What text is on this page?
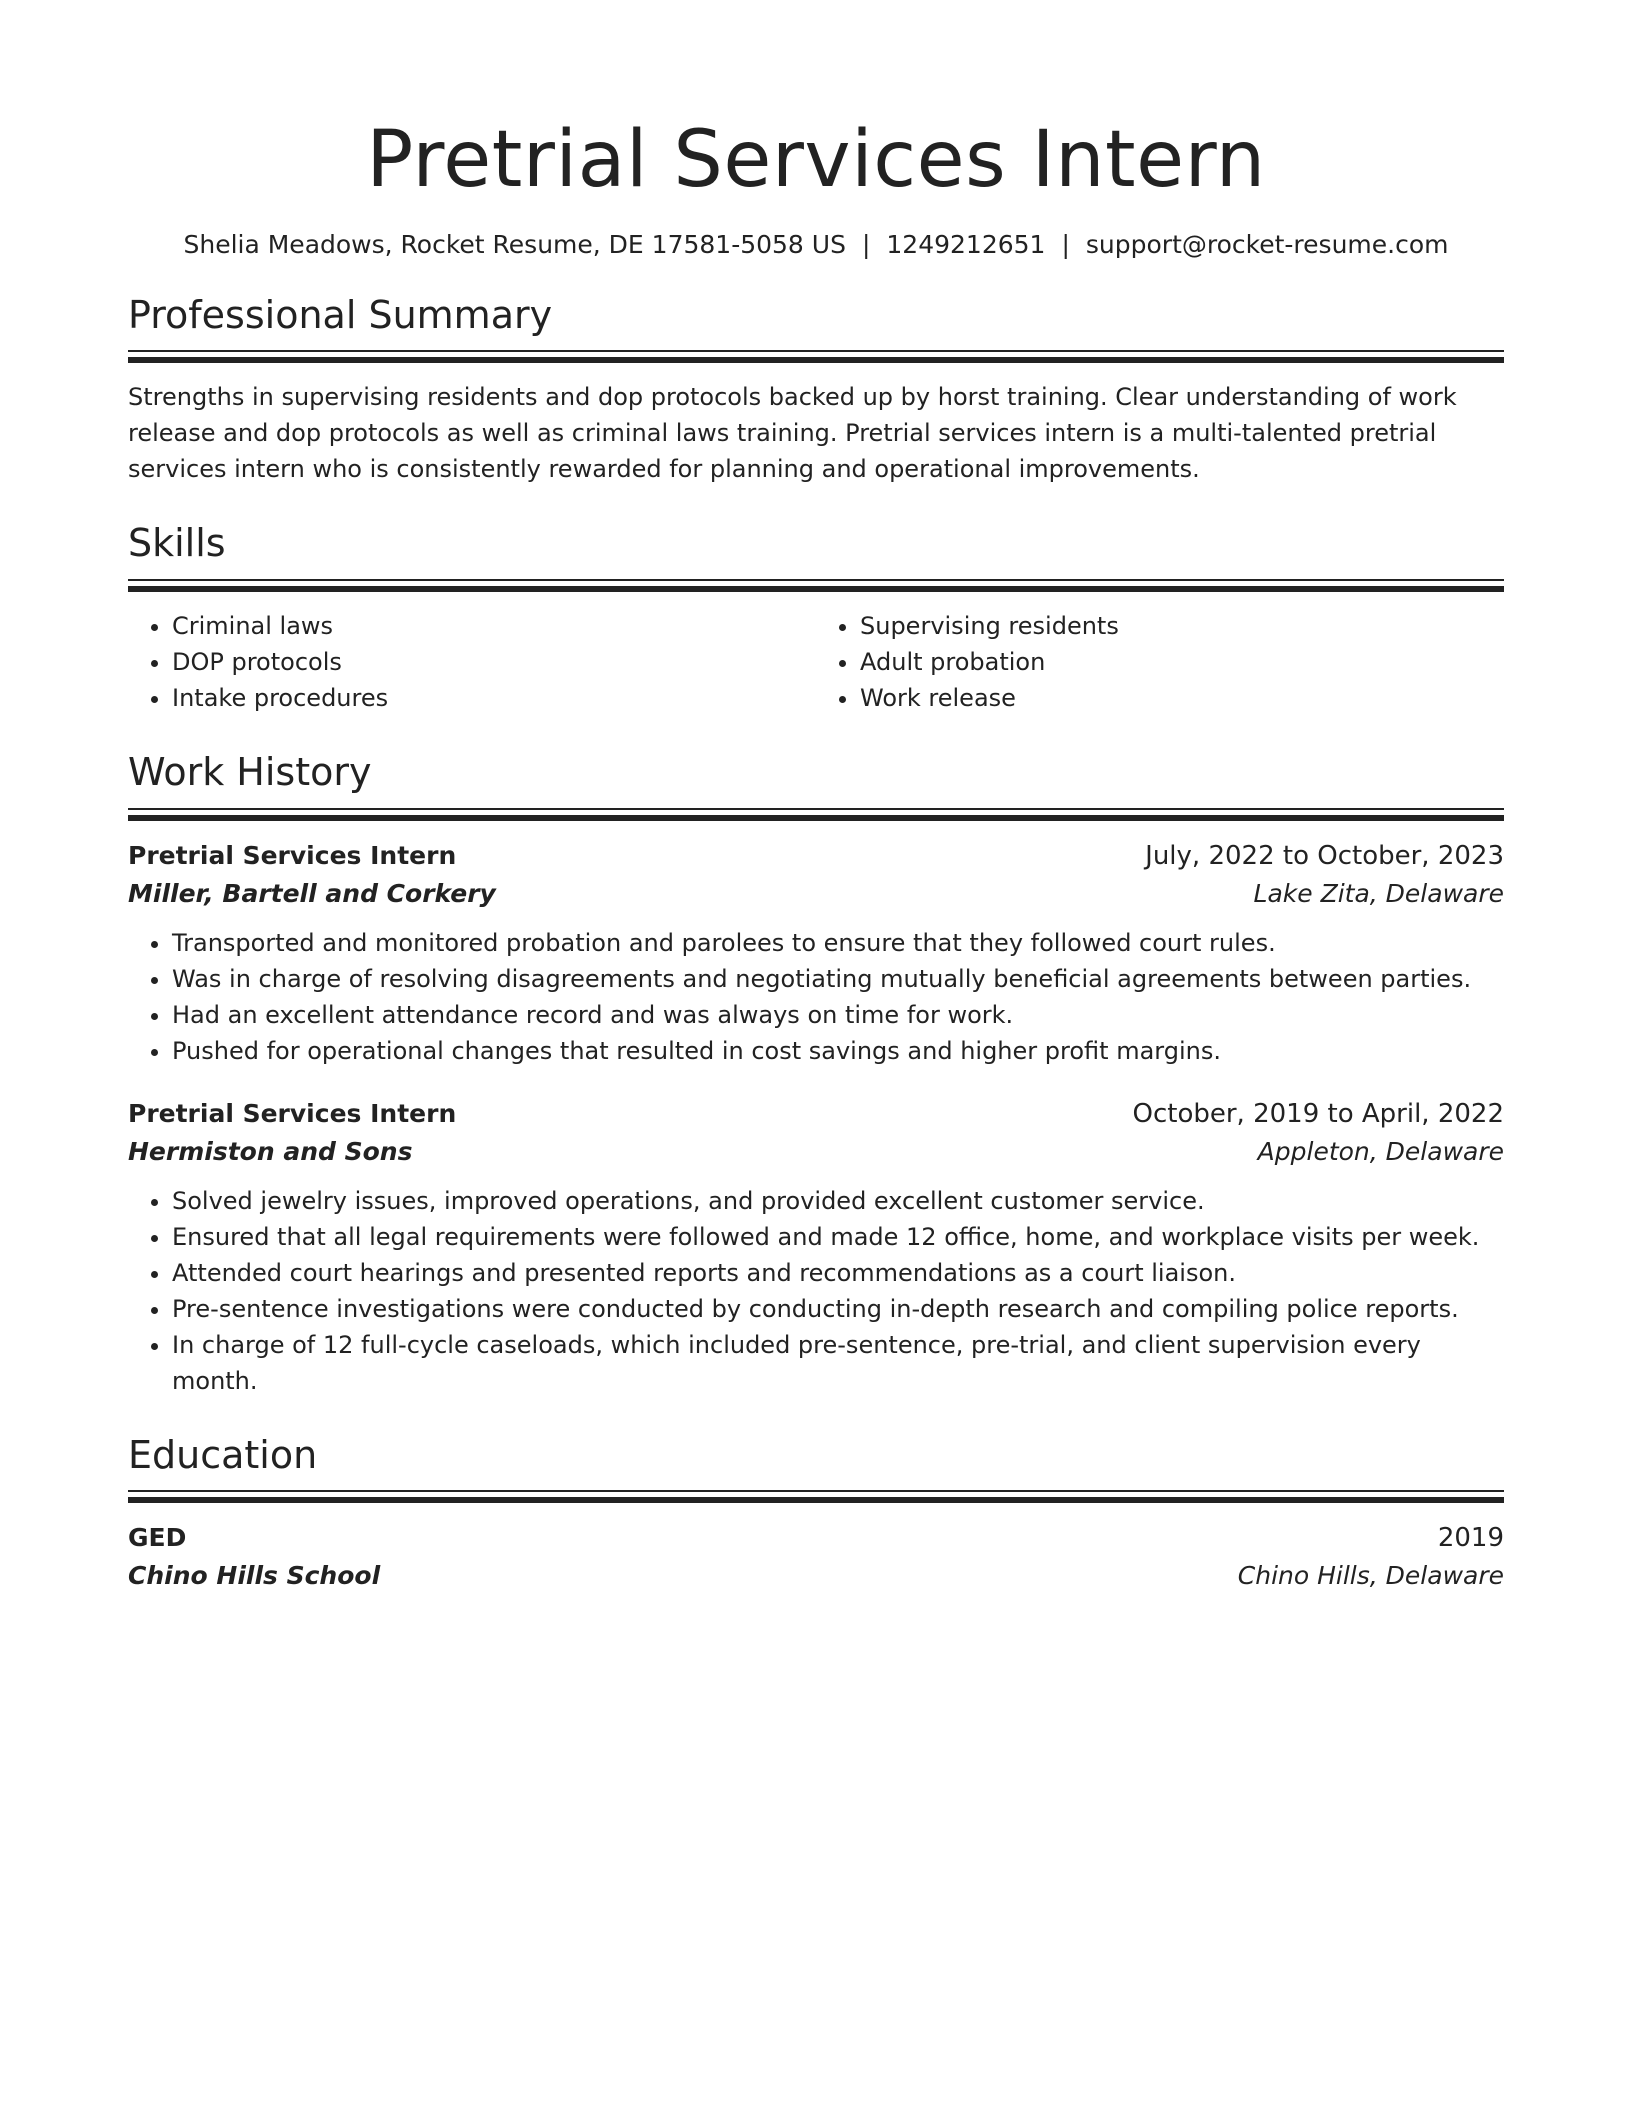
Pretrial Services Intern
Shelia Meadows, Rocket Resume, DE 17581-5058 US | 1249212651 | support@rocket-resume.com
Professional Summary

Strengths in supervising residents and dop protocols backed up by horst training. Clear understanding of work release and dop protocols as well as criminal laws training. Pretrial services intern is a multi-talented pretrial services intern who is consistently rewarded for planning and operational improvements.

Skills
• Criminal laws
• DOP protocols
• Intake procedures
• Supervising residents
• Adult probation
• Work release
Work History
Pretrial Services Intern	July, 2022 to October, 2023
Miller, Bartell and Corkery	Lake Zita, Delaware
• Transported and monitored probation and parolees to ensure that they followed court rules.
• Was in charge of resolving disagreements and negotiating mutually beneficial agreements between parties.
• Had an excellent attendance record and was always on time for work.
• Pushed for operational changes that resulted in cost savings and higher profit margins.
Pretrial Services Intern	October, 2019 to April, 2022
Hermiston and Sons	Appleton, Delaware
• Solved jewelry issues, improved operations, and provided excellent customer service.
• Ensured that all legal requirements were followed and made 12 office, home, and workplace visits per week.
• Attended court hearings and presented reports and recommendations as a court liaison.
• Pre-sentence investigations were conducted by conducting in-depth research and compiling police reports.
• In charge of 12 full-cycle caseloads, which included pre-sentence, pre-trial, and client supervision every month.
Education
GED	2019
Chino Hills School	Chino Hills, Delaware
